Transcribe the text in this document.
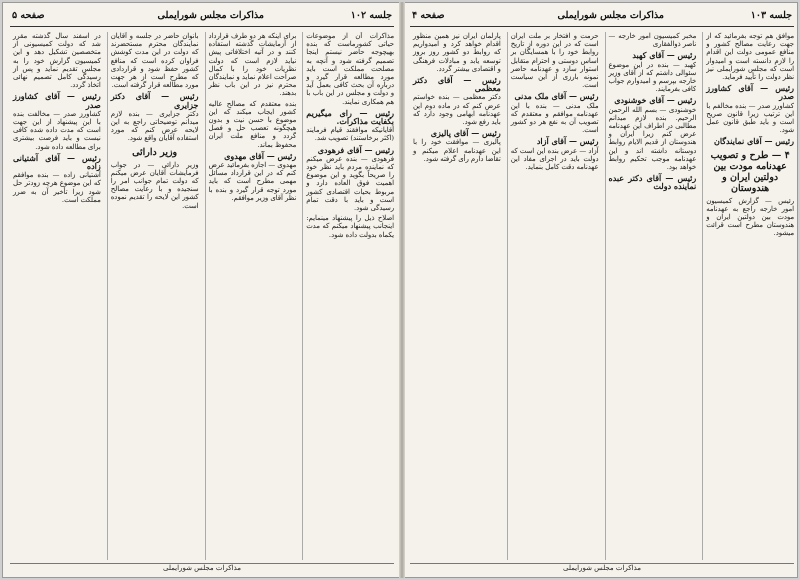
جلسه ۱۰۲
مذاکرات مجلس شورایملی
صفحه ۵

مذاکرات آن از موضوعات حیاتی کشورماست که بنده بهیچوجه حاضر نیستم اینجا تصمیم گرفته شود و آنچه به مصلحت مملکت است باید مورد مطالعه قرار گیرد و درباره آن بحث کافی بعمل آید و دولت و مجلس در این باب با هم همکاری نمایند.

رئیس — رای میگیریم بکفایت مذاکرات.

آقایانیکه موافقند قیام فرمایند (اکثر برخاستند) تصویب شد.

رئیس — آقای فرهودی

فرهودی — بنده عرض میکنم که نماینده مردم باید نظر خود را صریحاً بگوید و این موضوع اهمیت فوق العاده دارد و مربوط بحیات اقتصادی کشور است و باید با دقت تمام رسیدگی شود.

اصلاح ذیل را پیشنهاد مینمایم: اینجانب پیشنهاد میکنم که مدت یکماه بدولت داده شود.

برای اینکه هر دو طرف قرارداد از آزمایشات گذشته استفاده کنند و در آتیه اختلافاتی پیش نیاید لازم است که دولت نظریات خود را با کمال صراحت اعلام نماید و نمایندگان محترم نیز در این باب نظر بدهند.

بنده معتقدم که مصالح عالیه کشور ایجاب میکند که این موضوع با حسن نیت و بدون هیچگونه تعصب حل و فصل گردد و منافع ملت ایران محفوظ بماند.

رئیس — آقای مهدوی

مهدوی — اجازه بفرمائید عرض کنم که در این قرارداد مسائل مهمی مطرح است که باید مورد توجه قرار گیرد و بنده با نظر آقای وزیر موافقم.

بانوان حاضر در جلسه و آقایان نمایندگان محترم مستحضرند که دولت در این مدت کوشش فراوان کرده است که منافع کشور حفظ شود و قراردادی که مطرح است از هر جهت مورد مطالعه قرار گرفته است.

رئیس — آقای دکتر جزایری

دکتر جزایری — بنده لازم میدانم توضیحاتی راجع به این لایحه عرض کنم که مورد استفاده آقایان واقع شود.

وزیر دارائی

وزیر دارائی — در جواب فرمایشات آقایان عرض میکنم که دولت تمام جوانب امر را سنجیده و با رعایت مصالح کشور این لایحه را تقدیم نموده است.

در اسفند سال گذشته مقرر شد که دولت کمیسیونی از متخصصین تشکیل دهد و این کمیسیون گزارش خود را به مجلس تقدیم نماید و پس از رسیدگی کامل تصمیم نهائی اتخاذ گردد.

رئیس — آقای کشاورز صدر

کشاورز صدر — مخالفت بنده با این پیشنهاد از این جهت است که مدت داده شده کافی نیست و باید فرصت بیشتری برای مطالعه داده شود.

رئیس — آقای آشتیانی زاده

آشتیانی زاده — بنده موافقم که این موضوع هرچه زودتر حل شود زیرا تأخیر آن به ضرر مملکت است.

مذاکرات مجلس شورایملی
جلسه ۱۰۳
مذاکرات مجلس شورایملی
صفحه ۴

موافق هم توجه بفرمائید که از جهت رعایت مصالح کشور و منافع عمومی دولت این اقدام را لازم دانسته است و امیدوار است که مجلس شورایملی نیز نظر دولت را تأیید فرماید.

رئیس — آقای کشاورز صدر

کشاورز صدر — بنده مخالفم با این ترتیب زیرا قانون صریح است و باید طبق قانون عمل شود.

رئیس — آقای نمایندگان
۴ — طرح و تصویب عهدنامه مودت بین دولتین ایران و هندوستان

رئیس — گزارش کمیسیون امور خارجه راجع به عهدنامه مودت بین دولتین ایران و هندوستان مطرح است قرائت میشود.

مخبر کمیسیون امور خارجه — ناصر ذوالفقاری

رئیس — آقای کهبد

کهبد — بنده در این موضوع سئوالی داشتم که از آقای وزیر خارجه بپرسم و امیدوارم جواب کافی بفرمایند.

رئیس — آقای خوشنودی

خوشنودی — بسم الله الرحمن الرحیم. بنده لازم میدانم مطالبی در اطراف این عهدنامه عرض کنم زیرا ایران و هندوستان از قدیم الایام روابط دوستانه داشته اند و این عهدنامه موجب تحکیم روابط خواهد بود.

رئیس — آقای دکتر عبده نماینده دولت

حرمت و افتخار بر ملت ایران است که در این دوره از تاریخ روابط خود را با همسایگان بر اساس دوستی و احترام متقابل استوار سازد و عهدنامه حاضر نمونه بارزی از این سیاست است.

رئیس — آقای ملک مدنی

ملک مدنی — بنده با این عهدنامه موافقم و معتقدم که تصویب آن به نفع هر دو کشور است.

رئیس — آقای آزاد

آزاد — عرض بنده این است که دولت باید در اجرای مفاد این عهدنامه دقت کامل بنماید.

پارلمان ایران نیز همین منظور اقدام خواهد کرد و امیدواریم که روابط دو کشور روز بروز توسعه یابد و مبادلات فرهنگی و اقتصادی بیشتر گردد.

رئیس — آقای دکتر معظمی

دکتر معظمی — بنده خواستم عرض کنم که در ماده دوم این عهدنامه ابهامی وجود دارد که باید رفع شود.

رئیس — آقای پالیزی

پالیزی — موافقت خود را با این عهدنامه اعلام میکنم و تقاضا دارم رأی گرفته شود.

مذاکرات مجلس شورایملی
